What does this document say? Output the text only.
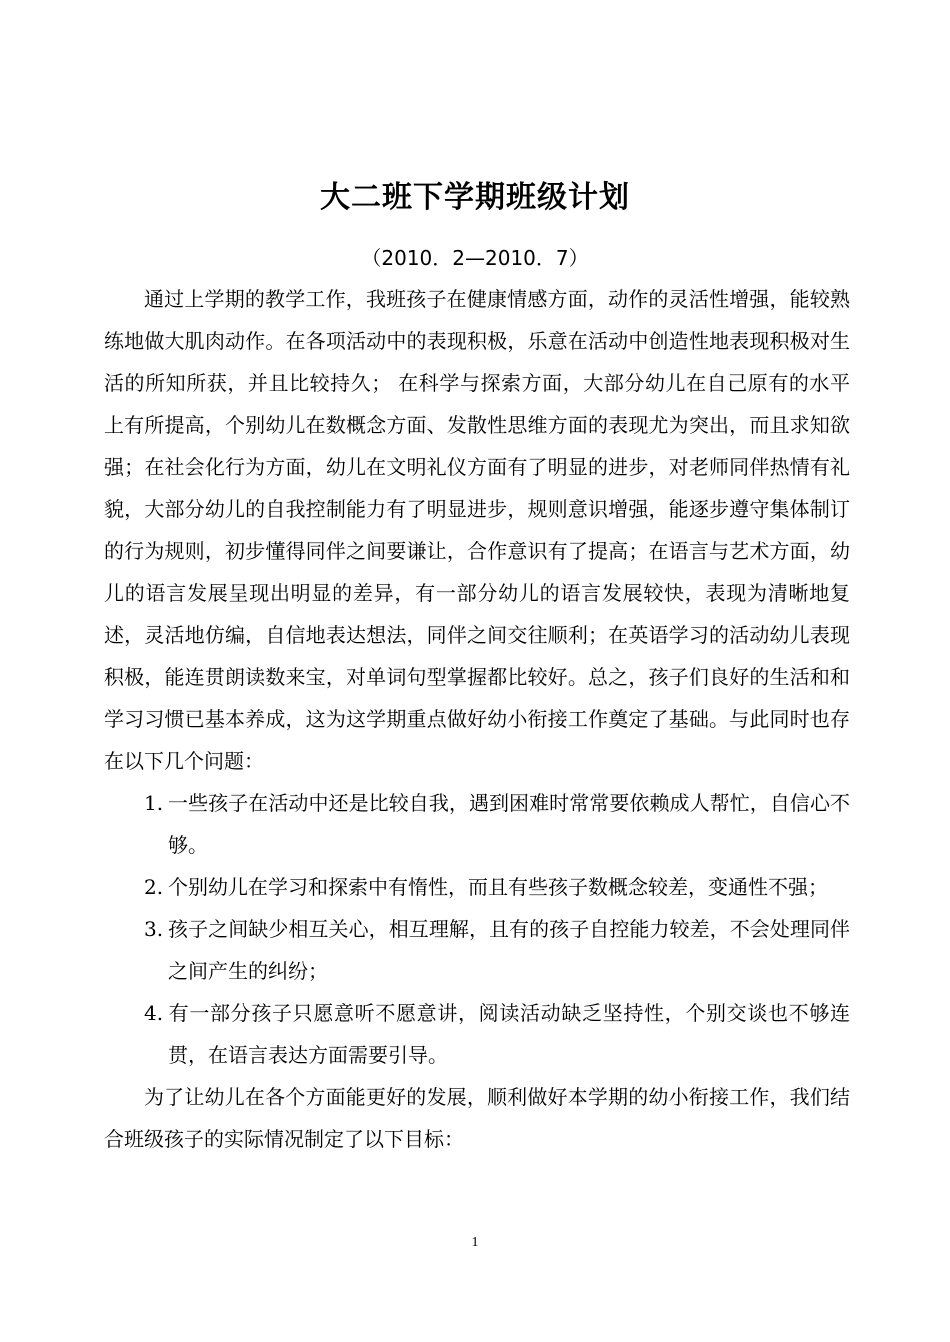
大二班下学期班级计划
（2010．2—2010．7）

通过上学期的教学工作，我班孩子在健康情感方面，动作的灵活性增强，能较熟练地做大肌肉动作。在各项活动中的表现积极，乐意在活动中创造性地表现积极对生活的所知所获，并且比较持久； 在科学与探索方面，大部分幼儿在自己原有的水平上有所提高，个别幼儿在数概念方面、发散性思维方面的表现尤为突出，而且求知欲强；在社会化行为方面，幼儿在文明礼仪方面有了明显的进步，对老师同伴热情有礼貌，大部分幼儿的自我控制能力有了明显进步，规则意识增强，能逐步遵守集体制订的行为规则，初步懂得同伴之间要谦让，合作意识有了提高；在语言与艺术方面，幼儿的语言发展呈现出明显的差异，有一部分幼儿的语言发展较快，表现为清晰地复述，灵活地仿编，自信地表达想法，同伴之间交往顺利；在英语学习的活动幼儿表现积极，能连贯朗读数来宝，对单词句型掌握都比较好。总之，孩子们良好的生活和和学习习惯已基本养成，这为这学期重点做好幼小衔接工作奠定了基础。与此同时也存在以下几个问题：

1. 一些孩子在活动中还是比较自我，遇到困难时常常要依赖成人帮忙，自信心不够。
2. 个别幼儿在学习和探索中有惰性，而且有些孩子数概念较差，变通性不强；
3. 孩子之间缺少相互关心，相互理解，且有的孩子自控能力较差，不会处理同伴之间产生的纠纷；
4. 有一部分孩子只愿意听不愿意讲，阅读活动缺乏坚持性，个别交谈也不够连贯，在语言表达方面需要引导。

为了让幼儿在各个方面能更好的发展，顺利做好本学期的幼小衔接工作，我们结合班级孩子的实际情况制定了以下目标：

1
